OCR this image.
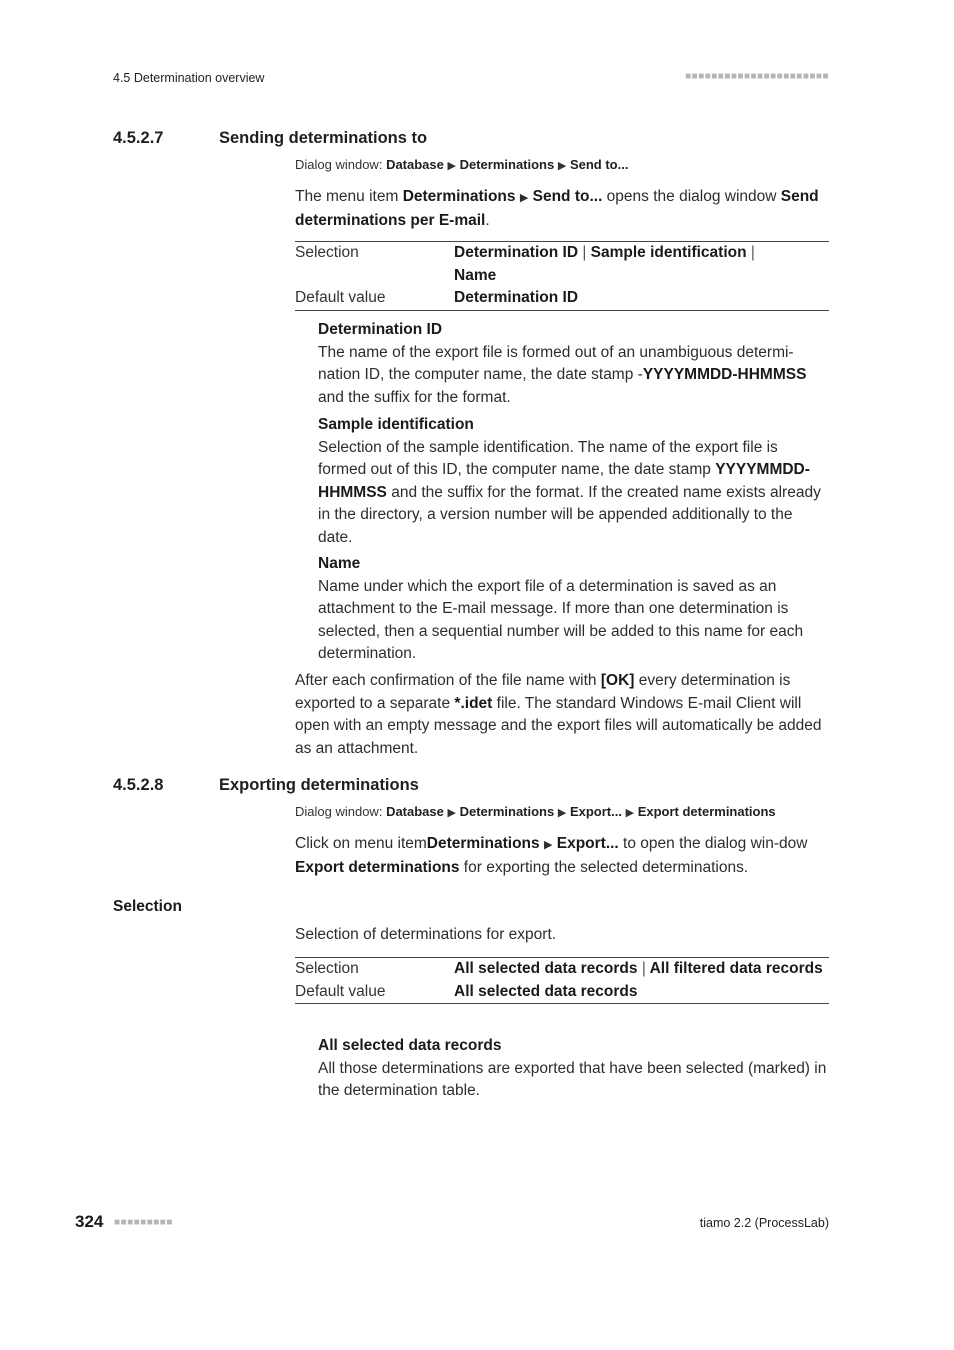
4.5 Determination overview	■■■■■■■■■■■■■■■■■■■■■■
4.5.2.7	Sending determinations to
Dialog window: Database ▶ Determinations ▶ Send to...
The menu item Determinations ▶ Send to... opens the dialog window Send determinations per E-mail.
Selection	Determination ID | Sample identification |
Name
Default value	Determination ID
Determination ID
The name of the export file is formed out of an unambiguous determi-nation ID, the computer name, the date stamp -YYYYMMDD-HHMMSS and the suffix for the format.
Sample identification
Selection of the sample identification. The name of the export file is formed out of this ID, the computer name, the date stamp YYYYMMDD-HHMMSS and the suffix for the format. If the created name exists already in the directory, a version number will be appended additionally to the date.
Name
Name under which the export file of a determination is saved as an attachment to the E-mail message. If more than one determination is selected, then a sequential number will be added to this name for each determination.
After each confirmation of the file name with [OK] every determination is exported to a separate *.idet file. The standard Windows E-mail Client will open with an empty message and the export files will automatically be added as an attachment.
4.5.2.8	Exporting determinations
Dialog window: Database ▶ Determinations ▶ Export... ▶ Export determinations
Click on menu itemDeterminations ▶ Export... to open the dialog win-dow Export determinations for exporting the selected determinations.
Selection
Selection of determinations for export.
Selection	All selected data records | All filtered data records
Default value	All selected data records
All selected data records
All those determinations are exported that have been selected (marked) in the determination table.
324 ■■■■■■■■■	tiamo 2.2 (ProcessLab)
